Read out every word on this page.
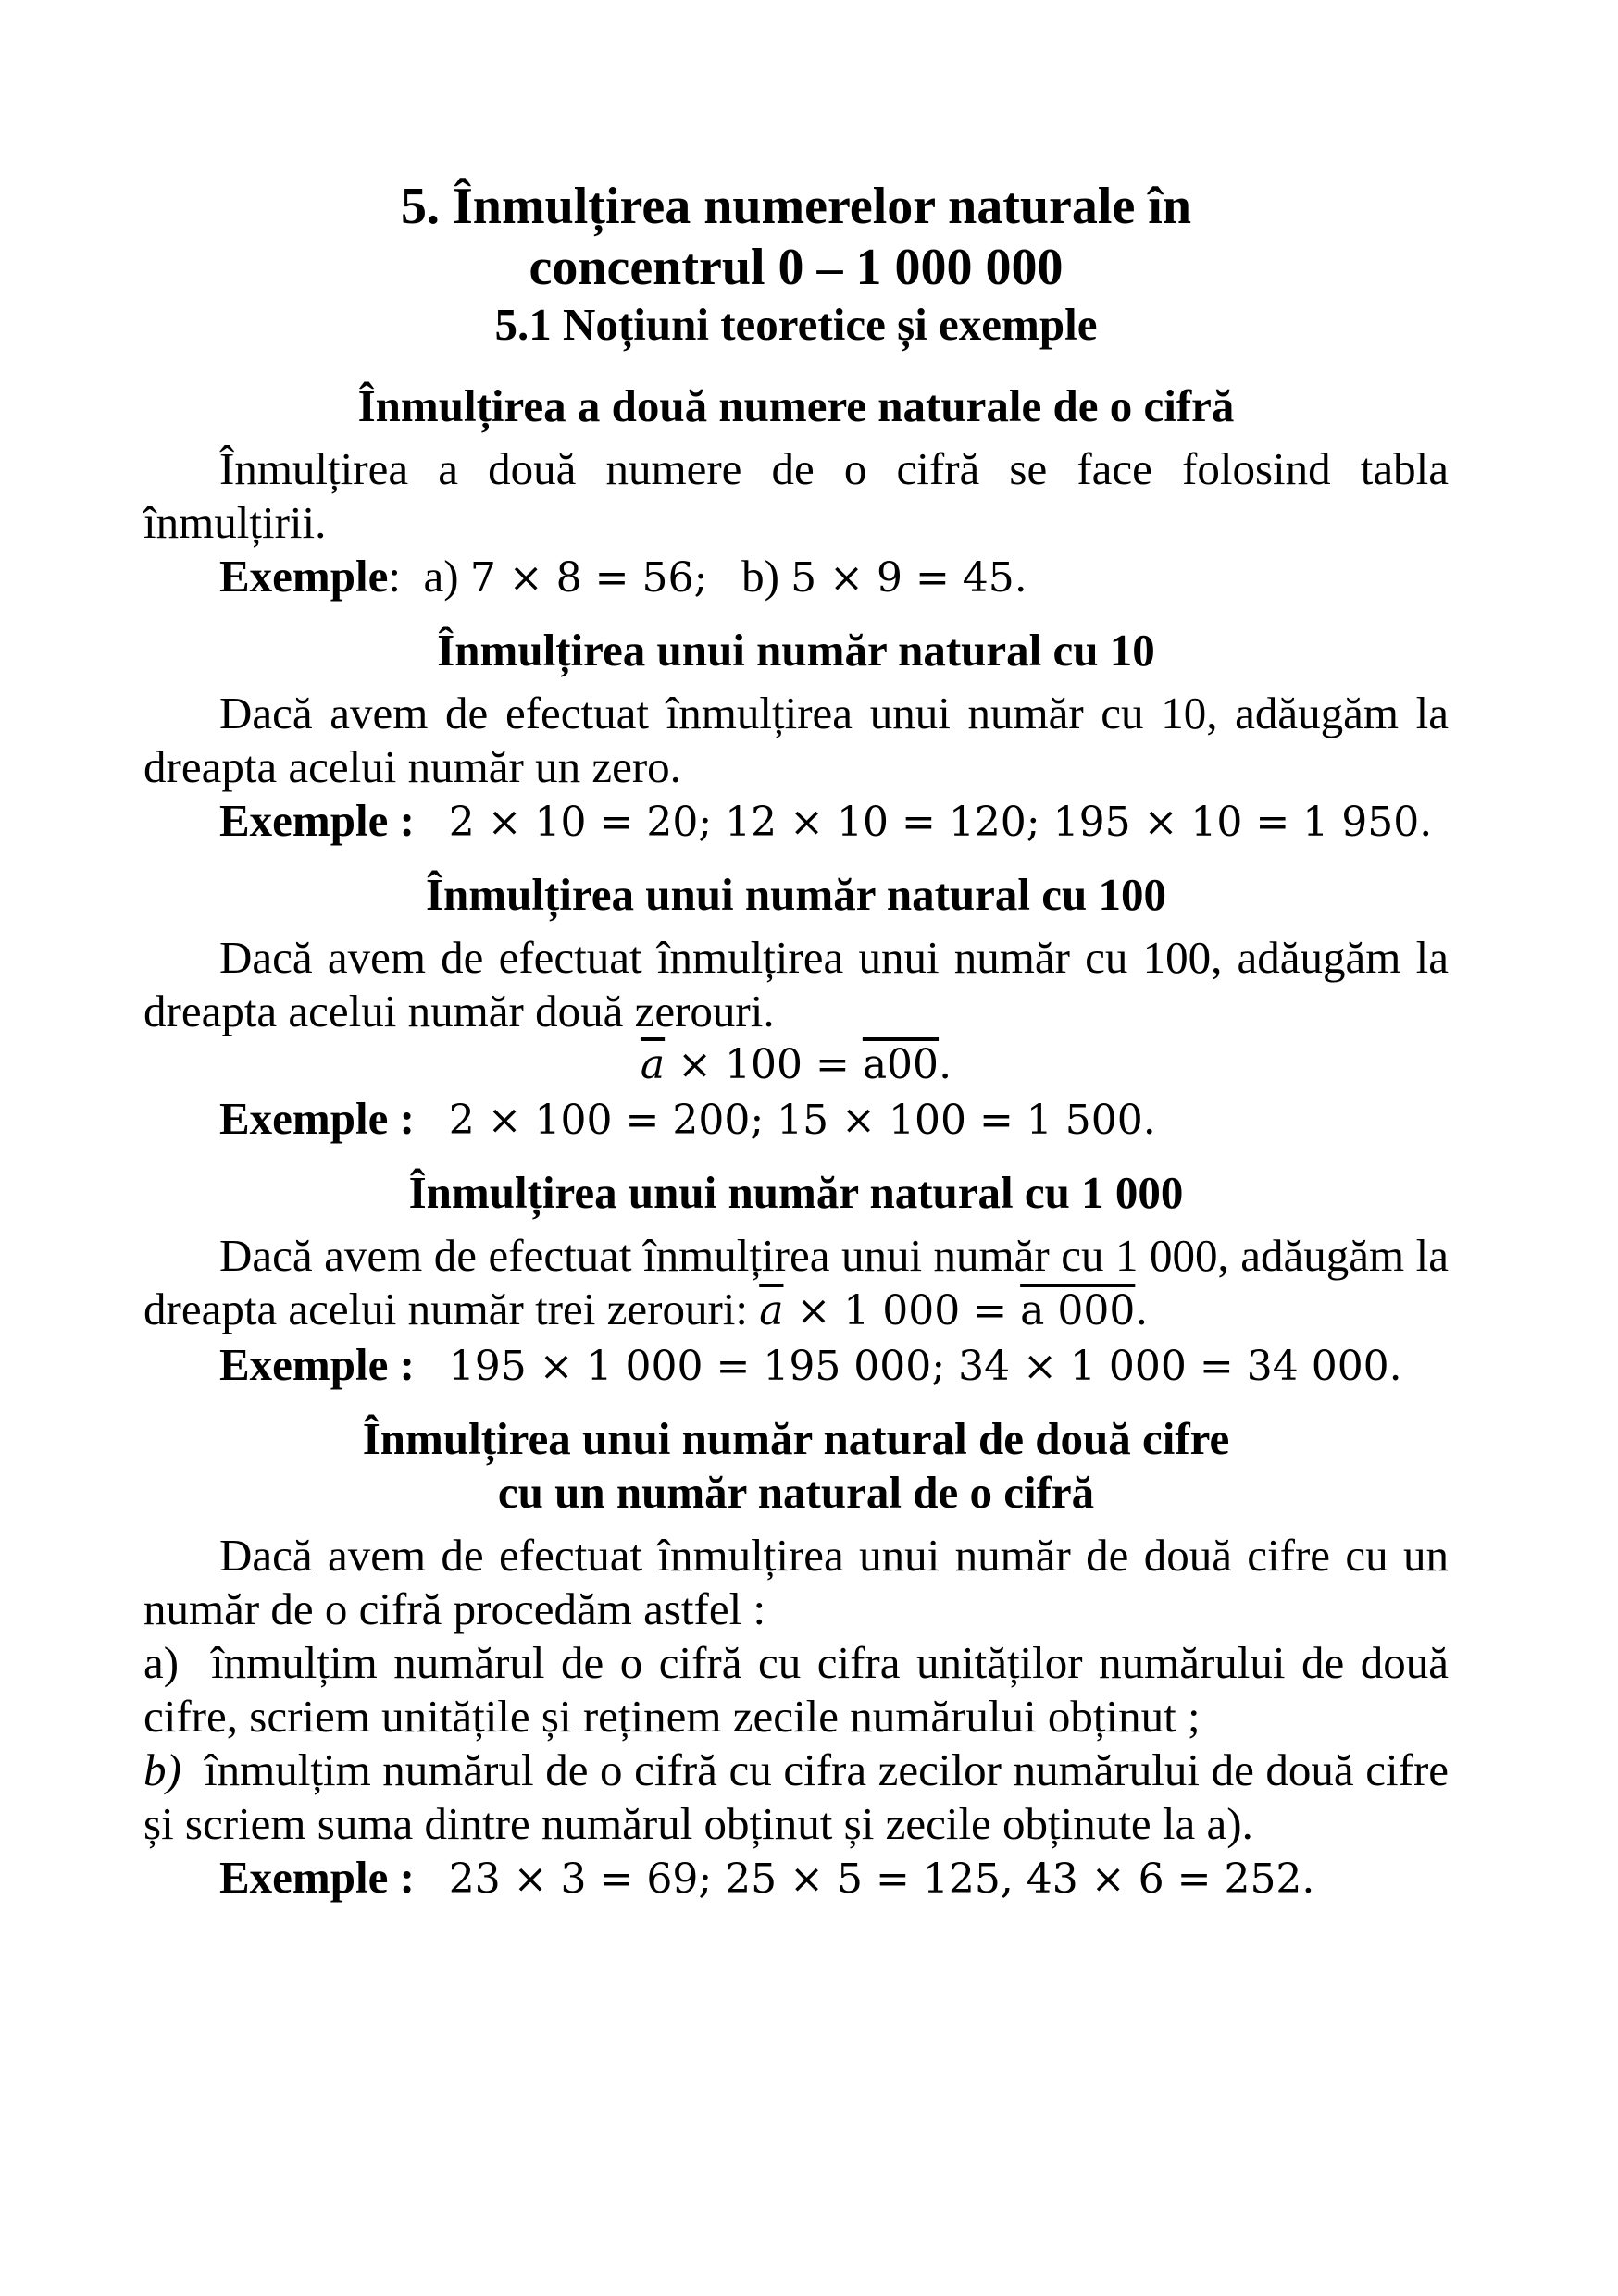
5. Înmulțirea numerelor naturale în
concentrul 0 – 1 000 000
5.1 Noțiuni teoretice și exemple
Înmulțirea a două numere naturale de o cifră

Înmulțirea a două numere de o cifră se face folosind tabla înmulțirii.

Exemple:  a) 7 × 8 = 56; b) 5 × 9 = 45.

Înmulțirea unui număr natural cu 10

Dacă avem de efectuat înmulțirea unui număr cu 10, adăugăm la dreapta acelui număr un zero.

Exemple : 2 × 10 = 20; 12 × 10 = 120; 195 × 10 = 1 950.

Înmulțirea unui număr natural cu 100

Dacă avem de efectuat înmulțirea unui număr cu 100, adăugăm la dreapta acelui număr două zerouri.

$\overline{a} \times 100 = a00$.

Exemple : 2 × 100 = 200; 15 × 100 = 1 500.

Înmulțirea unui număr natural cu 1 000

Dacă avem de efectuat înmulțirea unui număr cu 1 000, adăugăm la dreapta acelui număr trei zerouri: $\overline{a} \times 1$ 000 = a 000.

Exemple : 195 × 1 000 = 195 000; 34 × 1 000 = 34 000.

Înmulțirea unui număr natural de două cifre
cu un număr natural de o cifră

Dacă avem de efectuat înmulțirea unui număr de două cifre cu un număr de o cifră procedăm astfel :

a) înmulțim numărul de o cifră cu cifra unităților numărului de două cifre, scriem unitățile și reținem zecile numărului obținut ;

b) înmulțim numărul de o cifră cu cifra zecilor numărului de două cifre și scriem suma dintre numărul obținut și zecile obținute la a).

Exemple : 23 × 3 = 69; 25 × 5 = 125, 43 × 6 = 252.
